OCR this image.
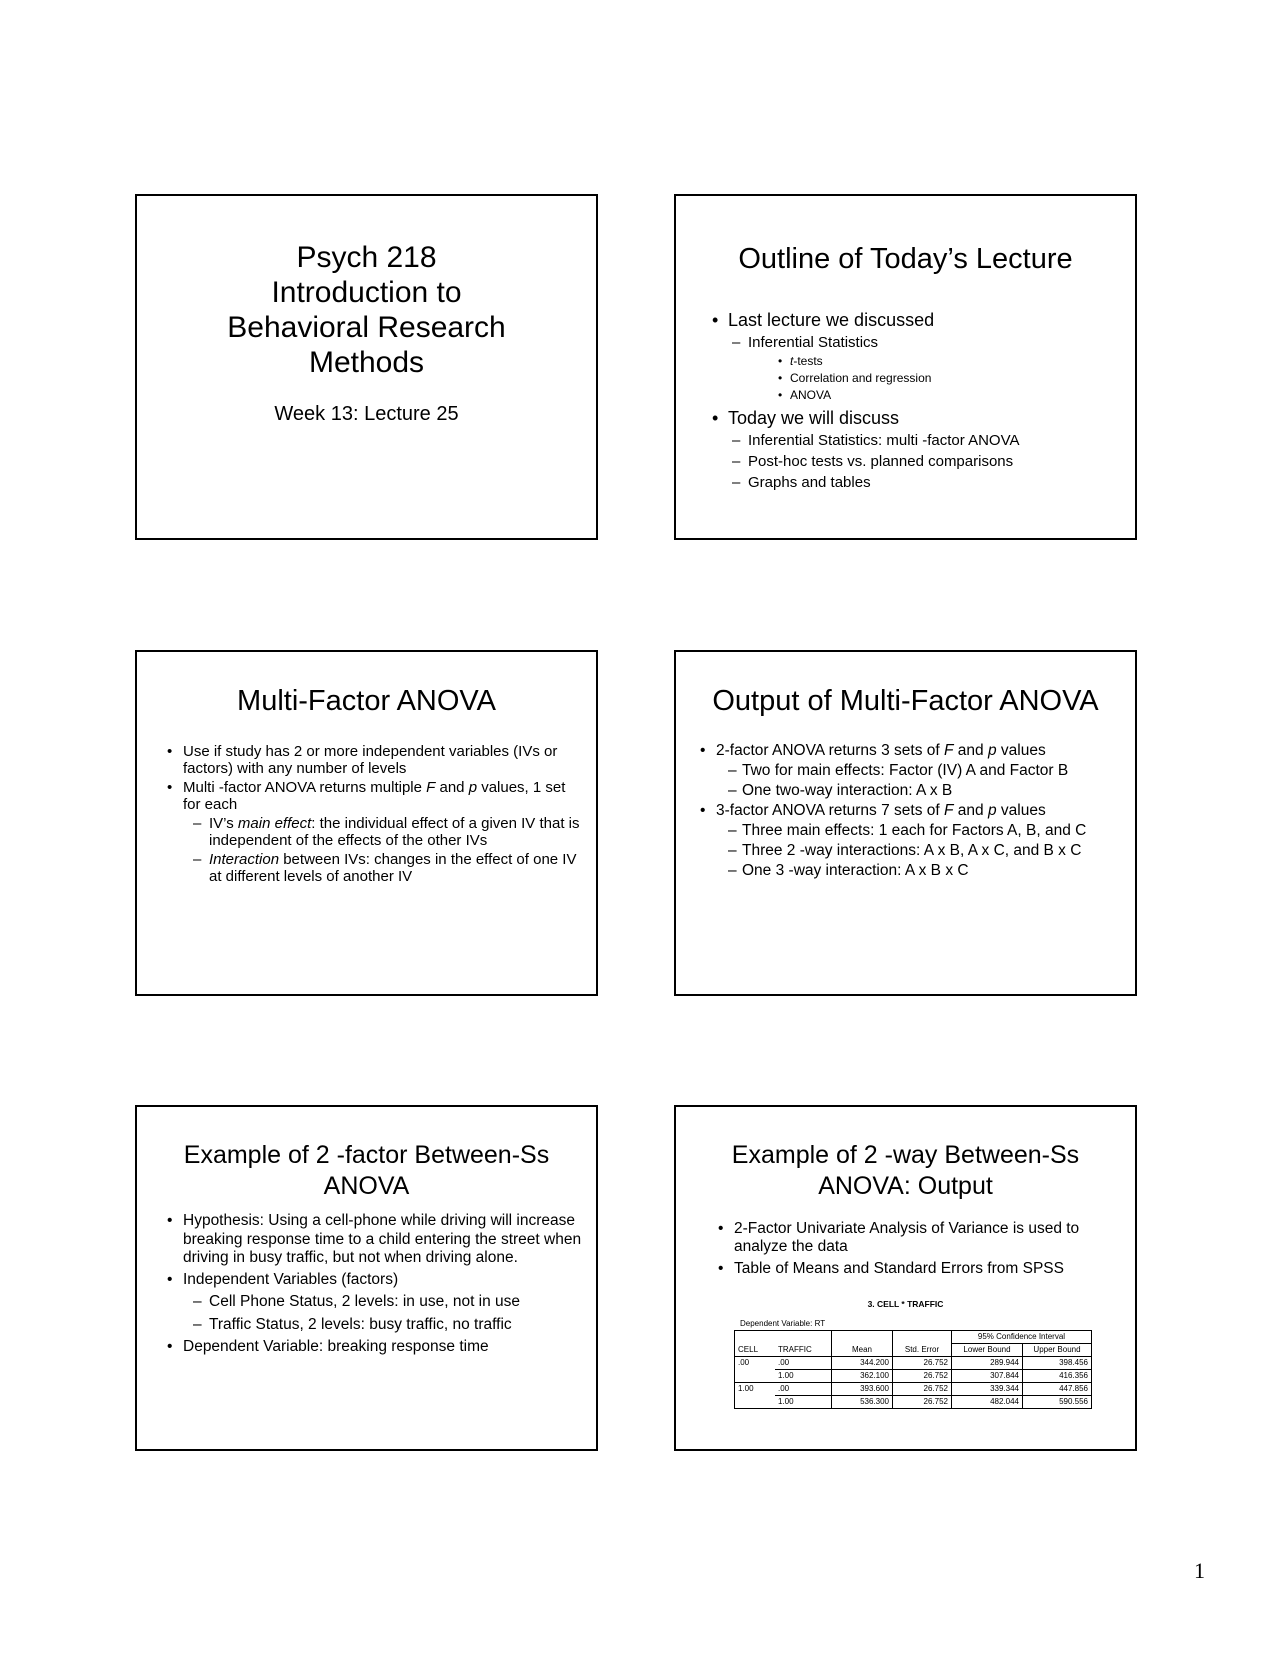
Psych 218
Introduction to
Behavioral Research
Methods
Week 13: Lecture 25
Outline of Today’s Lecture
• Last lecture we discussed
– Inferential Statistics
• t-tests
• Correlation and regression
• ANOVA
• Today we will discuss
– Inferential Statistics: multi -factor ANOVA
– Post-hoc tests vs. planned comparisons
– Graphs and tables
Multi-Factor ANOVA
• Use if study has 2 or more independent variables (IVs or factors) with any number of levels
• Multi -factor ANOVA returns multiple F and p values, 1 set for each
– IV’s main effect: the individual effect of a given IV that is independent of the effects of the other IVs
– Interaction between IVs: changes in the effect of one IV at different levels of another IV
Output of Multi-Factor ANOVA
• 2-factor ANOVA returns 3 sets of F and p values
– Two for main effects: Factor (IV) A and Factor B
– One two-way interaction: A x B
• 3-factor ANOVA returns 7 sets of F and p values
– Three main effects: 1 each for Factors A, B, and C
– Three 2 -way interactions: A x B, A x C, and B x C
– One 3 -way interaction: A x B x C
Example of 2 -factor Between-Ss
ANOVA
• Hypothesis: Using a cell-phone while driving will increase breaking response time to a child entering the street when driving in busy traffic, but not when driving alone.
• Independent Variables (factors)
– Cell Phone Status, 2 levels: in use, not in use
– Traffic Status, 2 levels: busy traffic, no traffic
• Dependent Variable: breaking response time
Example of 2 -way Between-Ss
ANOVA: Output
• 2-Factor Univariate Analysis of Variance is used to analyze the data
• Table of Means and Standard Errors from SPSS
3. CELL * TRAFFIC
Dependent Variable: RT
				95% Confidence Interval	
CELL	TRAFFIC	Mean	Std. Error	Lower Bound	Upper Bound
.00	.00	344.200	26.752	289.944	398.456
	1.00	362.100	26.752	307.844	416.356
1.00	.00	393.600	26.752	339.344	447.856
	1.00	536.300	26.752	482.044	590.556
1
